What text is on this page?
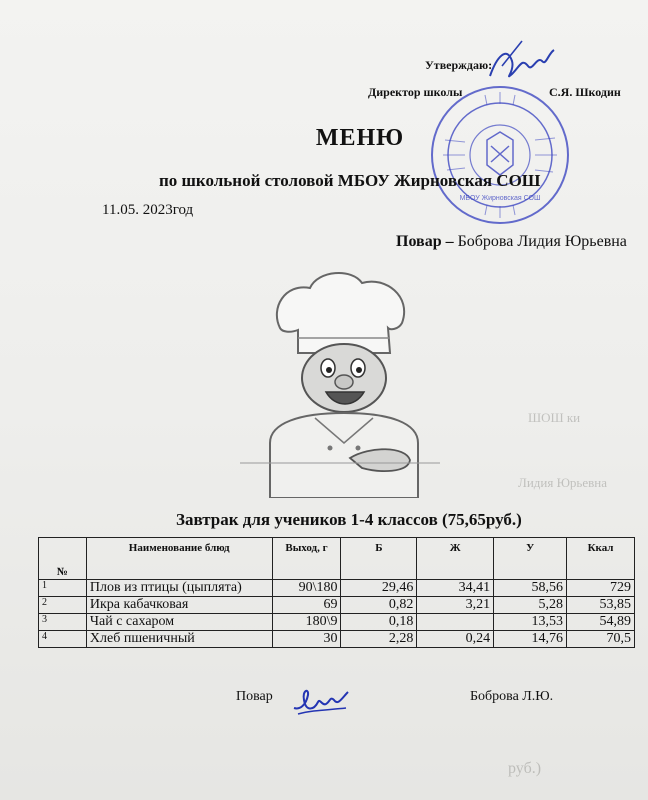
ШОШ ки
Лидия Юрьевна
руб.)
Утверждаю:
Директор школы	С.Я. Шкодин
МБОУ Жирновская СОШ
МЕНЮ
по школьной столовой МБОУ Жирновская СОШ
11.05. 2023год
Повар – Боброва Лидия Юрьевна
Завтрак для учеников 1-4 классов (75,65руб.)
№	Наименование блюд	Выход, г	Б	Ж	У	Ккал
1	Плов из птицы (цыплята)	90\180	29,46	34,41	58,56	729
2	Икра кабачковая	69	0,82	3,21	5,28	53,85
3	Чай с сахаром	180\9	0,18		13,53	54,89
4	Хлеб пшеничный	30	2,28	0,24	14,76	70,5
Повар	Боброва Л.Ю.
